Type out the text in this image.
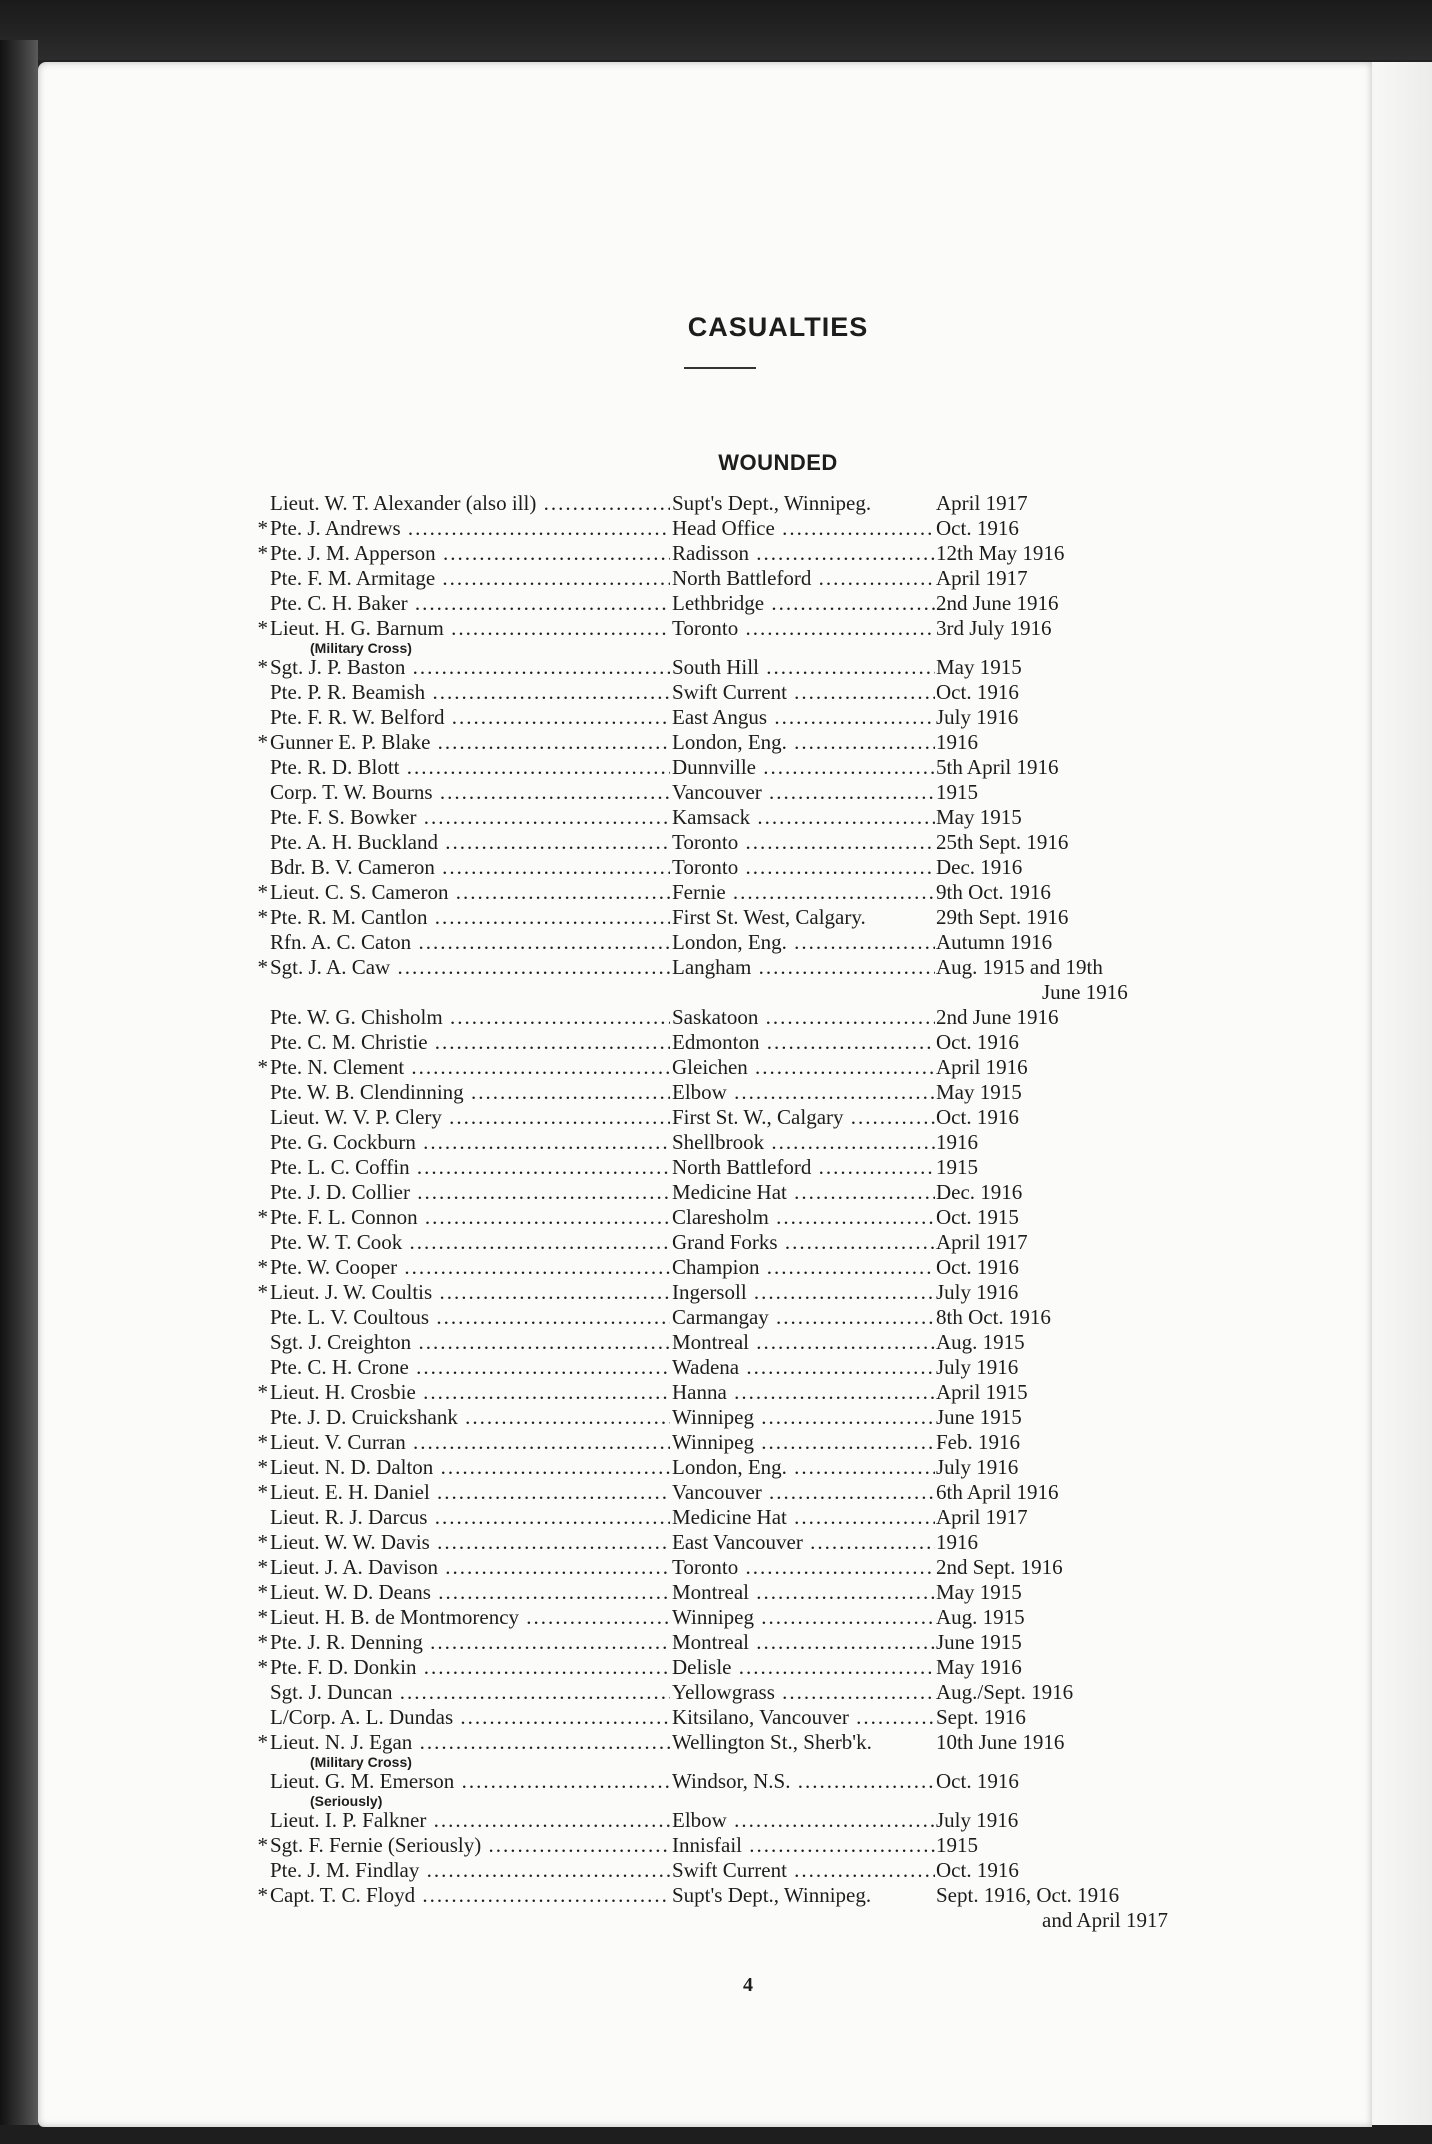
CASUALTIES
WOUNDED
Lieut. W. T. Alexander (also ill) .....	Supt's Dept., Winnipeg.	April 1917
* Pte. J. Andrews .....	Head Office .....	Oct. 1916
* Pte. J. M. Apperson .....	Radisson .....	12th May 1916
Pte. F. M. Armitage .....	North Battleford .....	April 1917
Pte. C. H. Baker .....	Lethbridge .....	2nd June 1916
* Lieut. H. G. Barnum .....	Toronto .....	3rd July 1916
(Military Cross)
* Sgt. J. P. Baston .....	South Hill .....	May 1915
Pte. P. R. Beamish .....	Swift Current .....	Oct. 1916
Pte. F. R. W. Belford .....	East Angus .....	July 1916
* Gunner E. P. Blake .....	London, Eng. .....	1916
Pte. R. D. Blott .....	Dunnville .....	5th April 1916
Corp. T. W. Bourns .....	Vancouver .....	1915
Pte. F. S. Bowker .....	Kamsack .....	May 1915
Pte. A. H. Buckland .....	Toronto .....	25th Sept. 1916
Bdr. B. V. Cameron .....	Toronto .....	Dec. 1916
* Lieut. C. S. Cameron .....	Fernie .....	9th Oct. 1916
* Pte. R. M. Cantlon .....	First St. West, Calgary.	29th Sept. 1916
Rfn. A. C. Caton .....	London, Eng. .....	Autumn 1916
* Sgt. J. A. Caw .....	Langham .....	Aug. 1915 and 19th
June 1916
Pte. W. G. Chisholm .....	Saskatoon .....	2nd June 1916
Pte. C. M. Christie .....	Edmonton .....	Oct. 1916
* Pte. N. Clement .....	Gleichen .....	April 1916
Pte. W. B. Clendinning .....	Elbow .....	May 1915
Lieut. W. V. P. Clery .....	First St. W., Calgary .....	Oct. 1916
Pte. G. Cockburn .....	Shellbrook .....	1916
Pte. L. C. Coffin .....	North Battleford .....	1915
Pte. J. D. Collier .....	Medicine Hat .....	Dec. 1916
* Pte. F. L. Connon .....	Claresholm .....	Oct. 1915
Pte. W. T. Cook .....	Grand Forks .....	April 1917
* Pte. W. Cooper .....	Champion .....	Oct. 1916
* Lieut. J. W. Coultis .....	Ingersoll .....	July 1916
Pte. L. V. Coultous .....	Carmangay .....	8th Oct. 1916
Sgt. J. Creighton .....	Montreal .....	Aug. 1915
Pte. C. H. Crone .....	Wadena .....	July 1916
* Lieut. H. Crosbie .....	Hanna .....	April 1915
Pte. J. D. Cruickshank .....	Winnipeg .....	June 1915
* Lieut. V. Curran .....	Winnipeg .....	Feb. 1916
* Lieut. N. D. Dalton .....	London, Eng. .....	July 1916
* Lieut. E. H. Daniel .....	Vancouver .....	6th April 1916
Lieut. R. J. Darcus .....	Medicine Hat .....	April 1917
* Lieut. W. W. Davis .....	East Vancouver .....	1916
* Lieut. J. A. Davison .....	Toronto .....	2nd Sept. 1916
* Lieut. W. D. Deans .....	Montreal .....	May 1915
* Lieut. H. B. de Montmorency .....	Winnipeg .....	Aug. 1915
* Pte. J. R. Denning .....	Montreal .....	June 1915
* Pte. F. D. Donkin .....	Delisle .....	May 1916
Sgt. J. Duncan .....	Yellowgrass .....	Aug./Sept. 1916
L/Corp. A. L. Dundas .....	Kitsilano, Vancouver .....	Sept. 1916
* Lieut. N. J. Egan .....	Wellington St., Sherb'k.	10th June 1916
(Military Cross)
Lieut. G. M. Emerson .....	Windsor, N.S. .....	Oct. 1916
(Seriously)
Lieut. I. P. Falkner .....	Elbow .....	July 1916
* Sgt. F. Fernie (Seriously) .....	Innisfail .....	1915
Pte. J. M. Findlay .....	Swift Current .....	Oct. 1916
* Capt. T. C. Floyd .....	Supt's Dept., Winnipeg.	Sept. 1916, Oct. 1916
and April 1917
4
